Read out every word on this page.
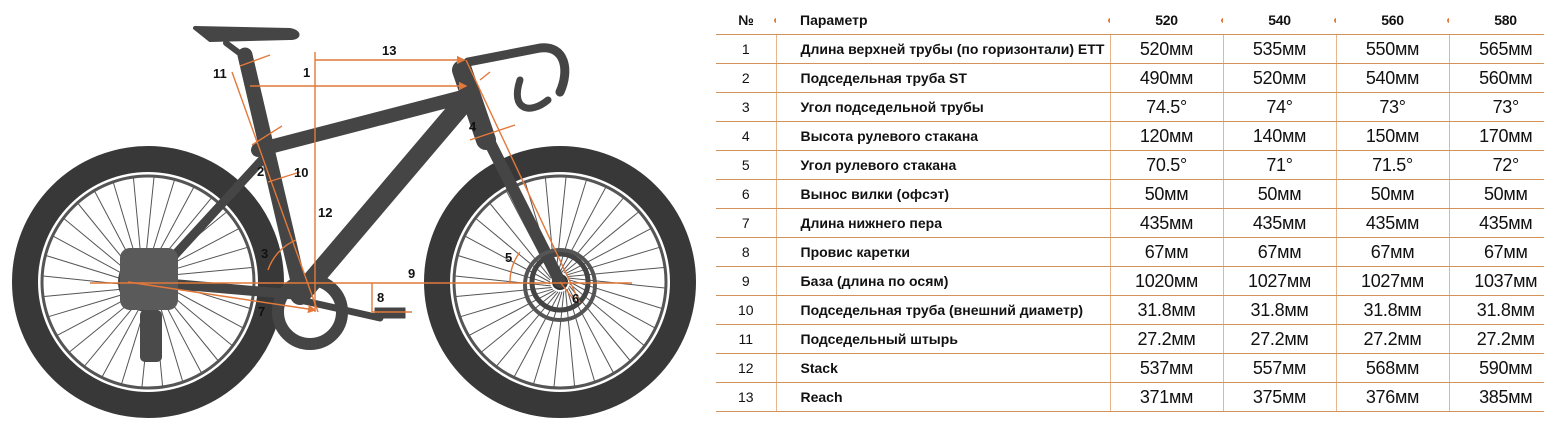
1
2
3
4
5
6
7
8
9
10
11
12
13
№	Параметр	520	540	560	580
1	Длина верхней трубы (по горизонтали) ETT	520мм	535мм	550мм	565мм
2	Подседельная труба ST	490мм	520мм	540мм	560мм
3	Угол подседельной трубы	74.5°	74°	73°	73°
4	Высота рулевого стакана	120мм	140мм	150мм	170мм
5	Угол рулевого стакана	70.5°	71°	71.5°	72°
6	Вынос вилки (офсэт)	50мм	50мм	50мм	50мм
7	Длина нижнего пера	435мм	435мм	435мм	435мм
8	Провис каретки	67мм	67мм	67мм	67мм
9	База (длина по осям)	1020мм	1027мм	1027мм	1037мм
10	Подседельная труба (внешний диаметр)	31.8мм	31.8мм	31.8мм	31.8мм
11	Подседельный штырь	27.2мм	27.2мм	27.2мм	27.2мм
12	Stack	537мм	557мм	568мм	590мм
13	Reach	371мм	375мм	376мм	385мм
